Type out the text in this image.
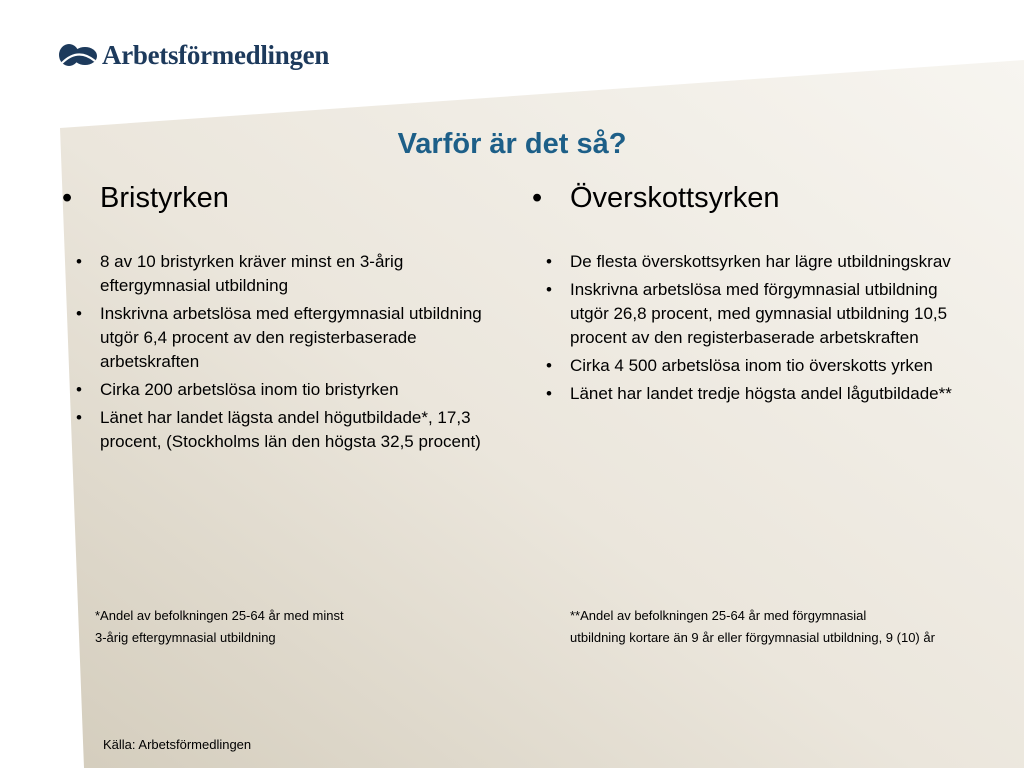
Arbetsförmedlingen
Varför är det så?

• Bristyrken

• 8 av 10 bristyrken kräver minst en 3-årig eftergymnasial utbildning
• Inskrivna arbetslösa med eftergymnasial utbildning utgör 6,4 procent av den registerbaserade arbetskraften
• Cirka 200 arbetslösa inom tio bristyrken
• Länet har landet lägsta andel högutbildade*, 17,3 procent, (Stockholms län den högsta 32,5 procent)

• Överskottsyrken

• De flesta överskottsyrken har lägre utbildningskrav
• Inskrivna arbetslösa med förgymnasial utbildning utgör 26,8 procent, med gymnasial utbildning 10,5 procent av den registerbaserade arbetskraften
• Cirka 4 500 arbetslösa inom tio överskotts yrken
• Länet har landet tredje högsta andel lågutbildade**
*Andel av befolkningen 25-64 år med minst
3-årig eftergymnasial utbildning
**Andel av befolkningen 25-64 år med förgymnasial
utbildning kortare än 9 år eller förgymnasial utbildning, 9 (10) år
Källa: Arbetsförmedlingen
